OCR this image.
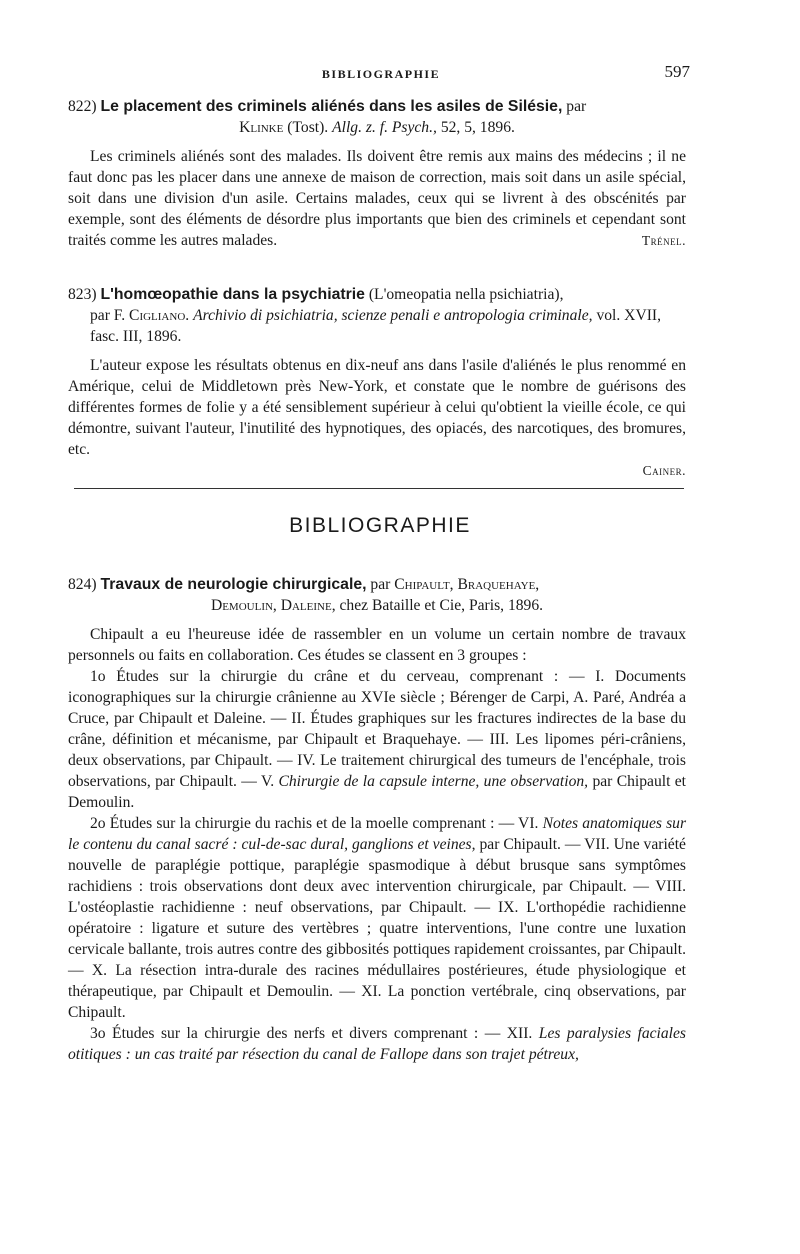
BIBLIOGRAPHIE	597

822) Le placement des criminels aliénés dans les asiles de Silésie, par
Klinke (Tost). Allg. z. f. Psych., 52, 5, 1896.

Les criminels aliénés sont des malades. Ils doivent être remis aux mains des médecins ; il ne faut donc pas les placer dans une annexe de maison de correction, mais soit dans un asile spécial, soit dans une division d'un asile. Certains malades, ceux qui se livrent à des obscénités par exemple, sont des éléments de désordre plus importants que bien des criminels et cependant sont traités comme les autres malades.	Trénel.

823) L'homœopathie dans la psychiatrie (L'omeopatia nella psichiatria),
par F. Cigliano. Archivio di psichiatria, scienze penali e antropologia criminale, vol. XVII, fasc. III, 1896.

L'auteur expose les résultats obtenus en dix-neuf ans dans l'asile d'aliénés le plus renommé en Amérique, celui de Middletown près New-York, et constate que le nombre de guérisons des différentes formes de folie y a été sensiblement supérieur à celui qu'obtient la vieille école, ce qui démontre, suivant l'auteur, l'inutilité des hypnotiques, des opiacés, des narcotiques, des bromures, etc.

Cainer.

BIBLIOGRAPHIE

824) Travaux de neurologie chirurgicale, par Chipault, Braquehaye,
Demoulin, Daleine, chez Bataille et Cie, Paris, 1896.

Chipault a eu l'heureuse idée de rassembler en un volume un certain nombre de travaux personnels ou faits en collaboration. Ces études se classent en 3 groupes :

1o Études sur la chirurgie du crâne et du cerveau, comprenant : — I. Documents iconographiques sur la chirurgie crânienne au XVIe siècle ; Bérenger de Carpi, A. Paré, Andréa a Cruce, par Chipault et Daleine. — II. Études graphiques sur les fractures indirectes de la base du crâne, définition et mécanisme, par Chipault et Braquehaye. — III. Les lipomes péri-crâniens, deux observations, par Chipault. — IV. Le traitement chirurgical des tumeurs de l'encéphale, trois observations, par Chipault. — V. Chirurgie de la capsule interne, une observation, par Chipault et Demoulin.

2o Études sur la chirurgie du rachis et de la moelle comprenant : — VI. Notes anatomiques sur le contenu du canal sacré : cul-de-sac dural, ganglions et veines, par Chipault. — VII. Une variété nouvelle de paraplégie pottique, paraplégie spasmodique à début brusque sans symptômes rachidiens : trois observations dont deux avec intervention chirurgicale, par Chipault. — VIII. L'ostéoplastie rachidienne : neuf observations, par Chipault. — IX. L'orthopédie rachidienne opératoire : ligature et suture des vertèbres ; quatre interventions, l'une contre une luxation cervicale ballante, trois autres contre des gibbosités pottiques rapidement croissantes, par Chipault. — X. La résection intra-durale des racines médullaires postérieures, étude physiologique et thérapeutique, par Chipault et Demoulin. — XI. La ponction vertébrale, cinq observations, par Chipault.

3o Études sur la chirurgie des nerfs et divers comprenant : — XII. Les paralysies faciales otitiques : un cas traité par résection du canal de Fallope dans son trajet pétreux,
